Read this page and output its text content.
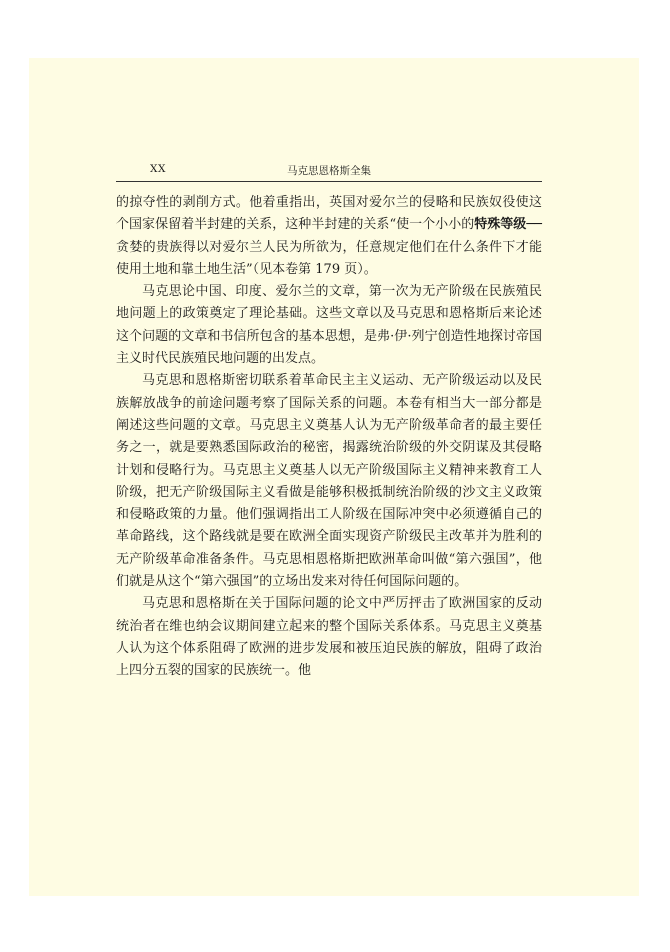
XX	马克思恩格斯全集

的掠夺性的剥削方式。他着重指出，英国对爱尔兰的侵略和民族奴役使这个国家保留着半封建的关系，这种半封建的关系“使一个小小的特殊等级── 贪婪的贵族得以对爱尔兰人民为所欲为，任意规定他们在什么条件下才能使用土地和靠土地生活”（见本卷第 179 页）。

马克思论中国、印度、爱尔兰的文章，第一次为无产阶级在民族殖民地问题上的政策奠定了理论基础。这些文章以及马克思和恩格斯后来论述这个问题的文章和书信所包含的基本思想，是弗·伊·列宁创造性地探讨帝国主义时代民族殖民地问题的出发点。

马克思和恩格斯密切联系着革命民主主义运动、无产阶级运动以及民族解放战争的前途问题考察了国际关系的问题。本卷有相当大一部分都是阐述这些问题的文章。马克思主义奠基人认为无产阶级革命者的最主要任务之一，就是要熟悉国际政治的秘密，揭露统治阶级的外交阴谋及其侵略计划和侵略行为。马克思主义奠基人以无产阶级国际主义精神来教育工人阶级，把无产阶级国际主义看做是能够积极抵制统治阶级的沙文主义政策和侵略政策的力量。他们强调指出工人阶级在国际冲突中必须遵循自己的革命路线，这个路线就是要在欧洲全面实现资产阶级民主改革并为胜利的无产阶级革命准备条件。马克思相恩格斯把欧洲革命叫做“第六强国”，他们就是从这个“第六强国”的立场出发来对待任何国际问题的。

马克思和恩格斯在关于国际问题的论文中严厉抨击了欧洲国家的反动统治者在维也纳会议期间建立起来的整个国际关系体系。马克思主义奠基人认为这个体系阻碍了欧洲的进步发展和被压迫民族的解放，阻碍了政治上四分五裂的国家的民族统一。他
